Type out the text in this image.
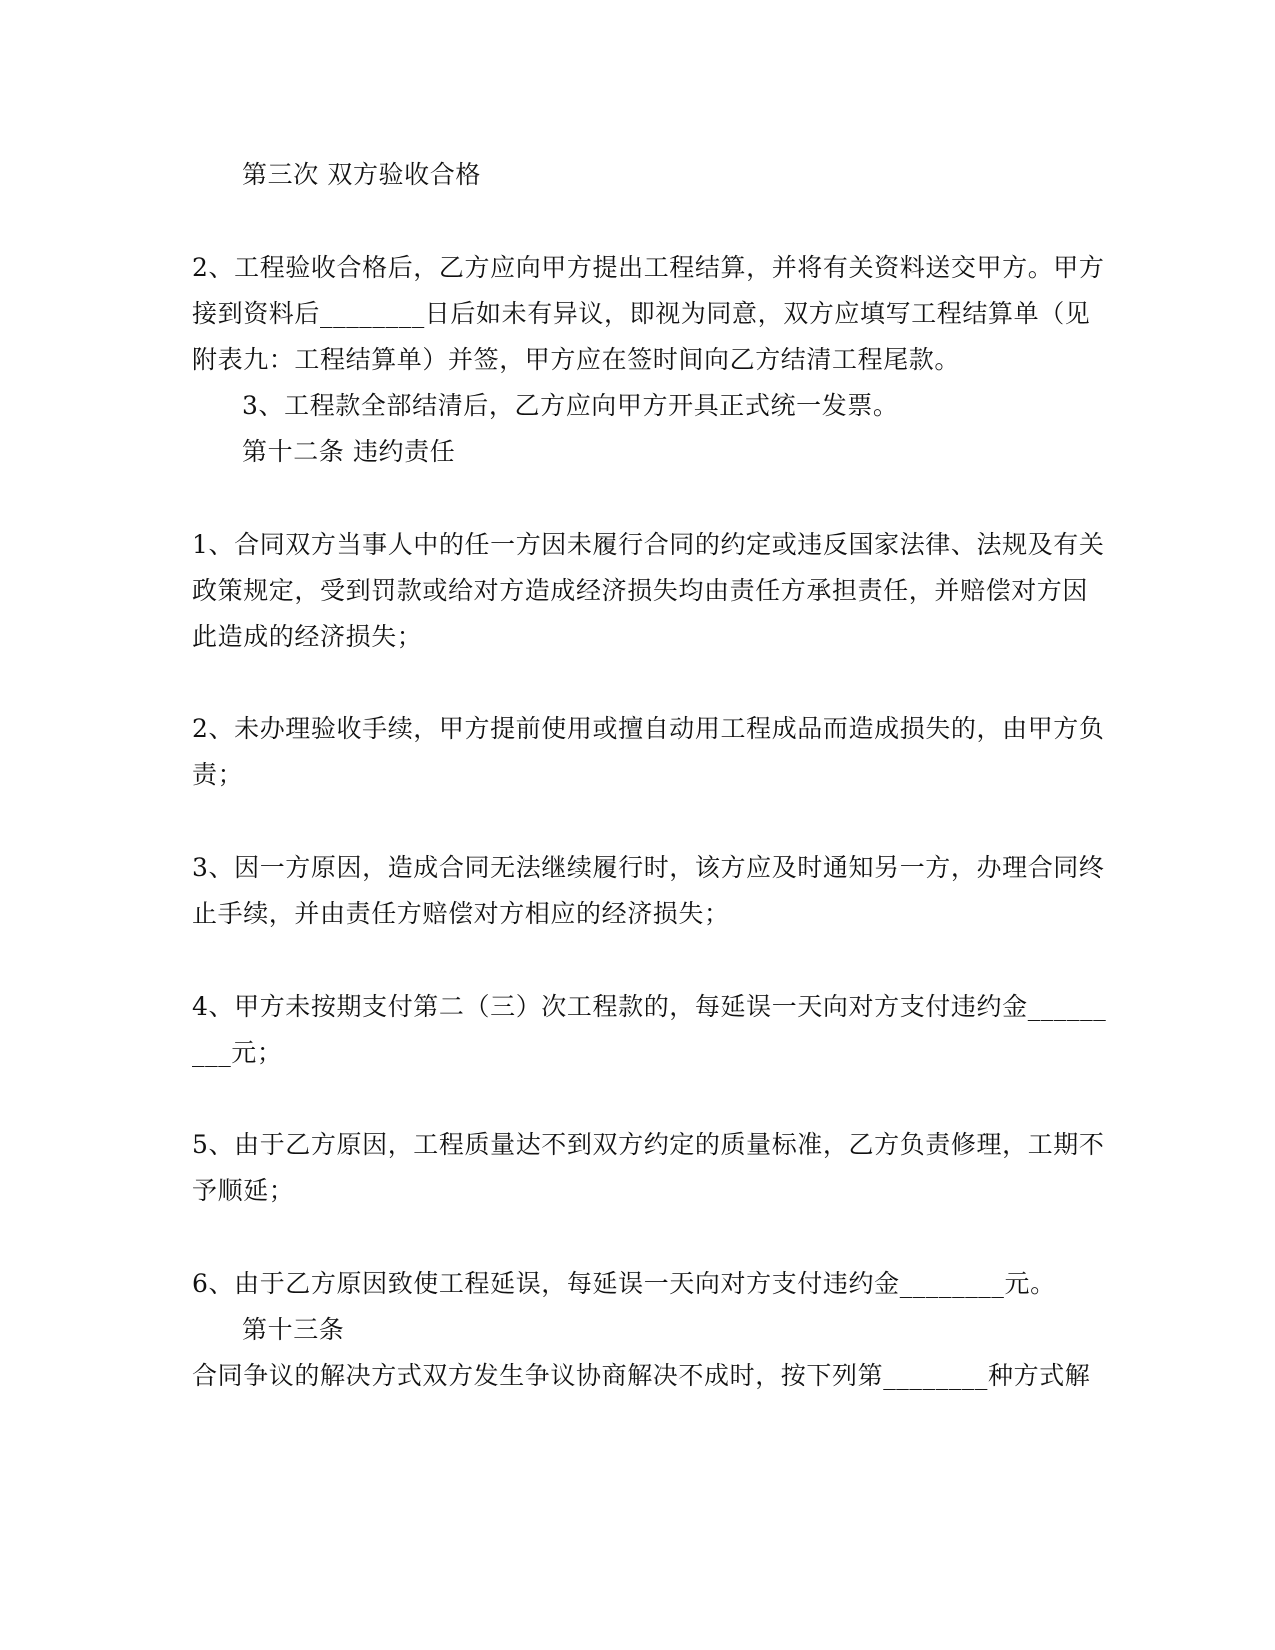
第三次 双方验收合格
2、工程验收合格后，乙方应向甲方提出工程结算，并将有关资料送交甲方。甲方
接到资料后________日后如未有异议，即视为同意，双方应填写工程结算单（见
附表九：工程结算单）并签，甲方应在签时间向乙方结清工程尾款。
3、工程款全部结清后，乙方应向甲方开具正式统一发票。
第十二条 违约责任
1、合同双方当事人中的任一方因未履行合同的约定或违反国家法律、法规及有关
政策规定，受到罚款或给对方造成经济损失均由责任方承担责任，并赔偿对方因
此造成的经济损失；
2、未办理验收手续，甲方提前使用或擅自动用工程成品而造成损失的，由甲方负
责；
3、因一方原因，造成合同无法继续履行时，该方应及时通知另一方，办理合同终
止手续，并由责任方赔偿对方相应的经济损失；
4、甲方未按期支付第二（三）次工程款的，每延误一天向对方支付违约金______
___元；
5、由于乙方原因，工程质量达不到双方约定的质量标准，乙方负责修理，工期不
予顺延；
6、由于乙方原因致使工程延误，每延误一天向对方支付违约金________元。
第十三条
合同争议的解决方式双方发生争议协商解决不成时，按下列第________种方式解
